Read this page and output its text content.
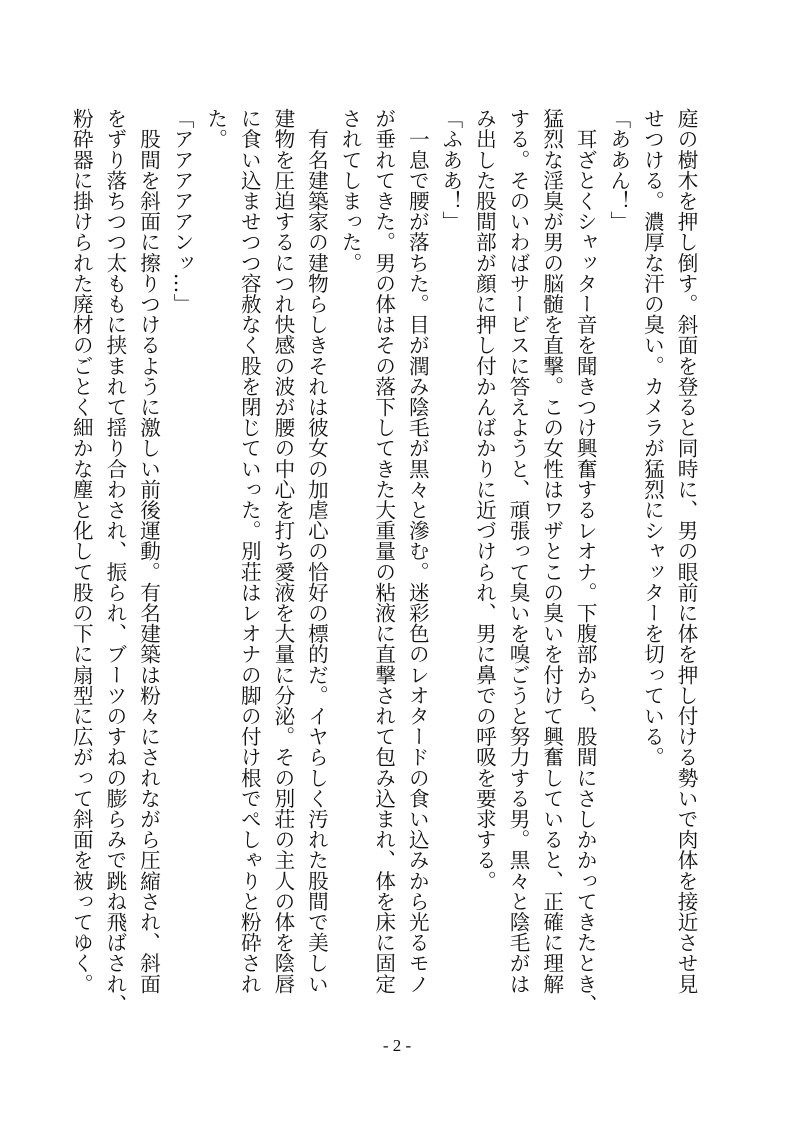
庭の樹木を押し倒す。斜面を登ると同時に、男の眼前に体を押し付ける勢いで肉体を接近させ見
せつける。濃厚な汗の臭い。カメラが猛烈にシャッターを切っている。
「ああん！」
　耳ざとくシャッター音を聞きつけ興奮するレオナ。下腹部から、股間にさしかかってきたとき、
猛烈な淫臭が男の脳髄を直撃。この女性はワザとこの臭いを付けて興奮していると、正確に理解
する。そのいわばサービスに答えようと、頑張って臭いを嗅ごうと努力する男。黒々と陰毛がは
み出した股間部が顔に押し付かんばかりに近づけられ、男に鼻での呼吸を要求する。
「ふああ！」
　一息で腰が落ちた。目が潤み陰毛が黒々と滲む。迷彩色のレオタードの食い込みから光るモノ
が垂れてきた。男の体はその落下してきた大重量の粘液に直撃されて包み込まれ、体を床に固定
されてしまった。
　有名建築家の建物らしきそれは彼女の加虐心の恰好の標的だ。イヤらしく汚れた股間で美しい
建物を圧迫するにつれ快感の波が腰の中心を打ち愛液を大量に分泌。その別荘の主人の体を陰唇
に食い込ませつつ容赦なく股を閉じていった。別荘はレオナの脚の付け根でぺしゃりと粉砕され
た。
「アアアアアンッ…」
　股間を斜面に擦りつけるように激しい前後運動。有名建築は粉々にされながら圧縮され、斜面
をずり落ちつつ太ももに挟まれて揺り合わされ、振られ、ブーツのすねの膨らみで跳ね飛ばされ、
粉砕器に掛けられた廃材のごとく細かな塵と化して股の下に扇型に広がって斜面を被ってゆく。
- 2 -
